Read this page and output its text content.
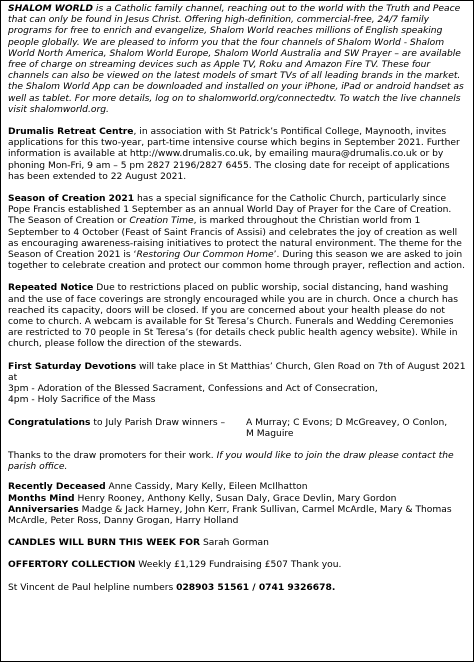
SHALOM WORLD is a Catholic family channel, reaching out to the world with the Truth and Peace that can only be found in Jesus Christ. Offering high-definition, commercial-free, 24/7 family programs for free to enrich and evangelize, Shalom World reaches millions of English speaking people globally. We are pleased to inform you that the four channels of Shalom World - Shalom World North America, Shalom World Europe, Shalom World Australia and SW Prayer – are available free of charge on streaming devices such as Apple TV, Roku and Amazon Fire TV. These four channels can also be viewed on the latest models of smart TVs of all leading brands in the market. the Shalom World App can be downloaded and installed on your iPhone, iPad or android handset as well as tablet. For more details, log on to shalomworld.org/connectedtv. To watch the live channels visit shalomworld.org.

Drumalis Retreat Centre, in association with St Patrick’s Pontifical College, Maynooth, invites applications for this two-year, part-time intensive course which begins in September 2021. Further information is available at http://www.drumalis.co.uk, by emailing maura@drumalis.co.uk or by phoning Mon-Fri, 9 am – 5 pm 2827 2196/2827 6455. The closing date for receipt of applications has been extended to 22 August 2021.

Season of Creation 2021 has a special significance for the Catholic Church, particularly since Pope Francis established 1 September as an annual World Day of Prayer for the Care of Creation. The Season of Creation or Creation Time, is marked throughout the Christian world from 1 September to 4 October (Feast of Saint Francis of Assisi) and celebrates the joy of creation as well as encouraging awareness-raising initiatives to protect the natural environment. The theme for the Season of Creation 2021 is ‘Restoring Our Common Home’. During this season we are asked to join together to celebrate creation and protect our common home through prayer, reflection and action.

Repeated Notice Due to restrictions placed on public worship, social distancing, hand washing and the use of face coverings are strongly encouraged while you are in church. Once a church has reached its capacity, doors will be closed. If you are concerned about your health please do not come to church. A webcam is available for St Teresa’s Church. Funerals and Wedding Ceremonies are restricted to 70 people in St Teresa’s (for details check public health agency website). While in church, please follow the direction of the stewards.

First Saturday Devotions will take place in St Matthias’ Church, Glen Road on 7th of August 2021 at

3pm - Adoration of the Blessed Sacrament, Confessions and Act of Consecration,

4pm - Holy Sacrifice of the Mass

Congratulations to July Parish Draw winners –	A Murray; C Evons; D McGreavey, O Conlon,

M Maguire

Thanks to the draw promoters for their work. If you would like to join the draw please contact the parish office.

Recently Deceased Anne Cassidy, Mary Kelly, Eileen McIlhatton

Months Mind Henry Rooney, Anthony Kelly, Susan Daly, Grace Devlin, Mary Gordon

Anniversaries Madge & Jack Harney, John Kerr, Frank Sullivan, Carmel McArdle, Mary & Thomas McArdle, Peter Ross, Danny Grogan, Harry Holland

CANDLES WILL BURN THIS WEEK FOR Sarah Gorman

OFFERTORY COLLECTION Weekly £1,129 Fundraising £507 Thank you.

St Vincent de Paul helpline numbers 028903 51561 / 0741 9326678.
